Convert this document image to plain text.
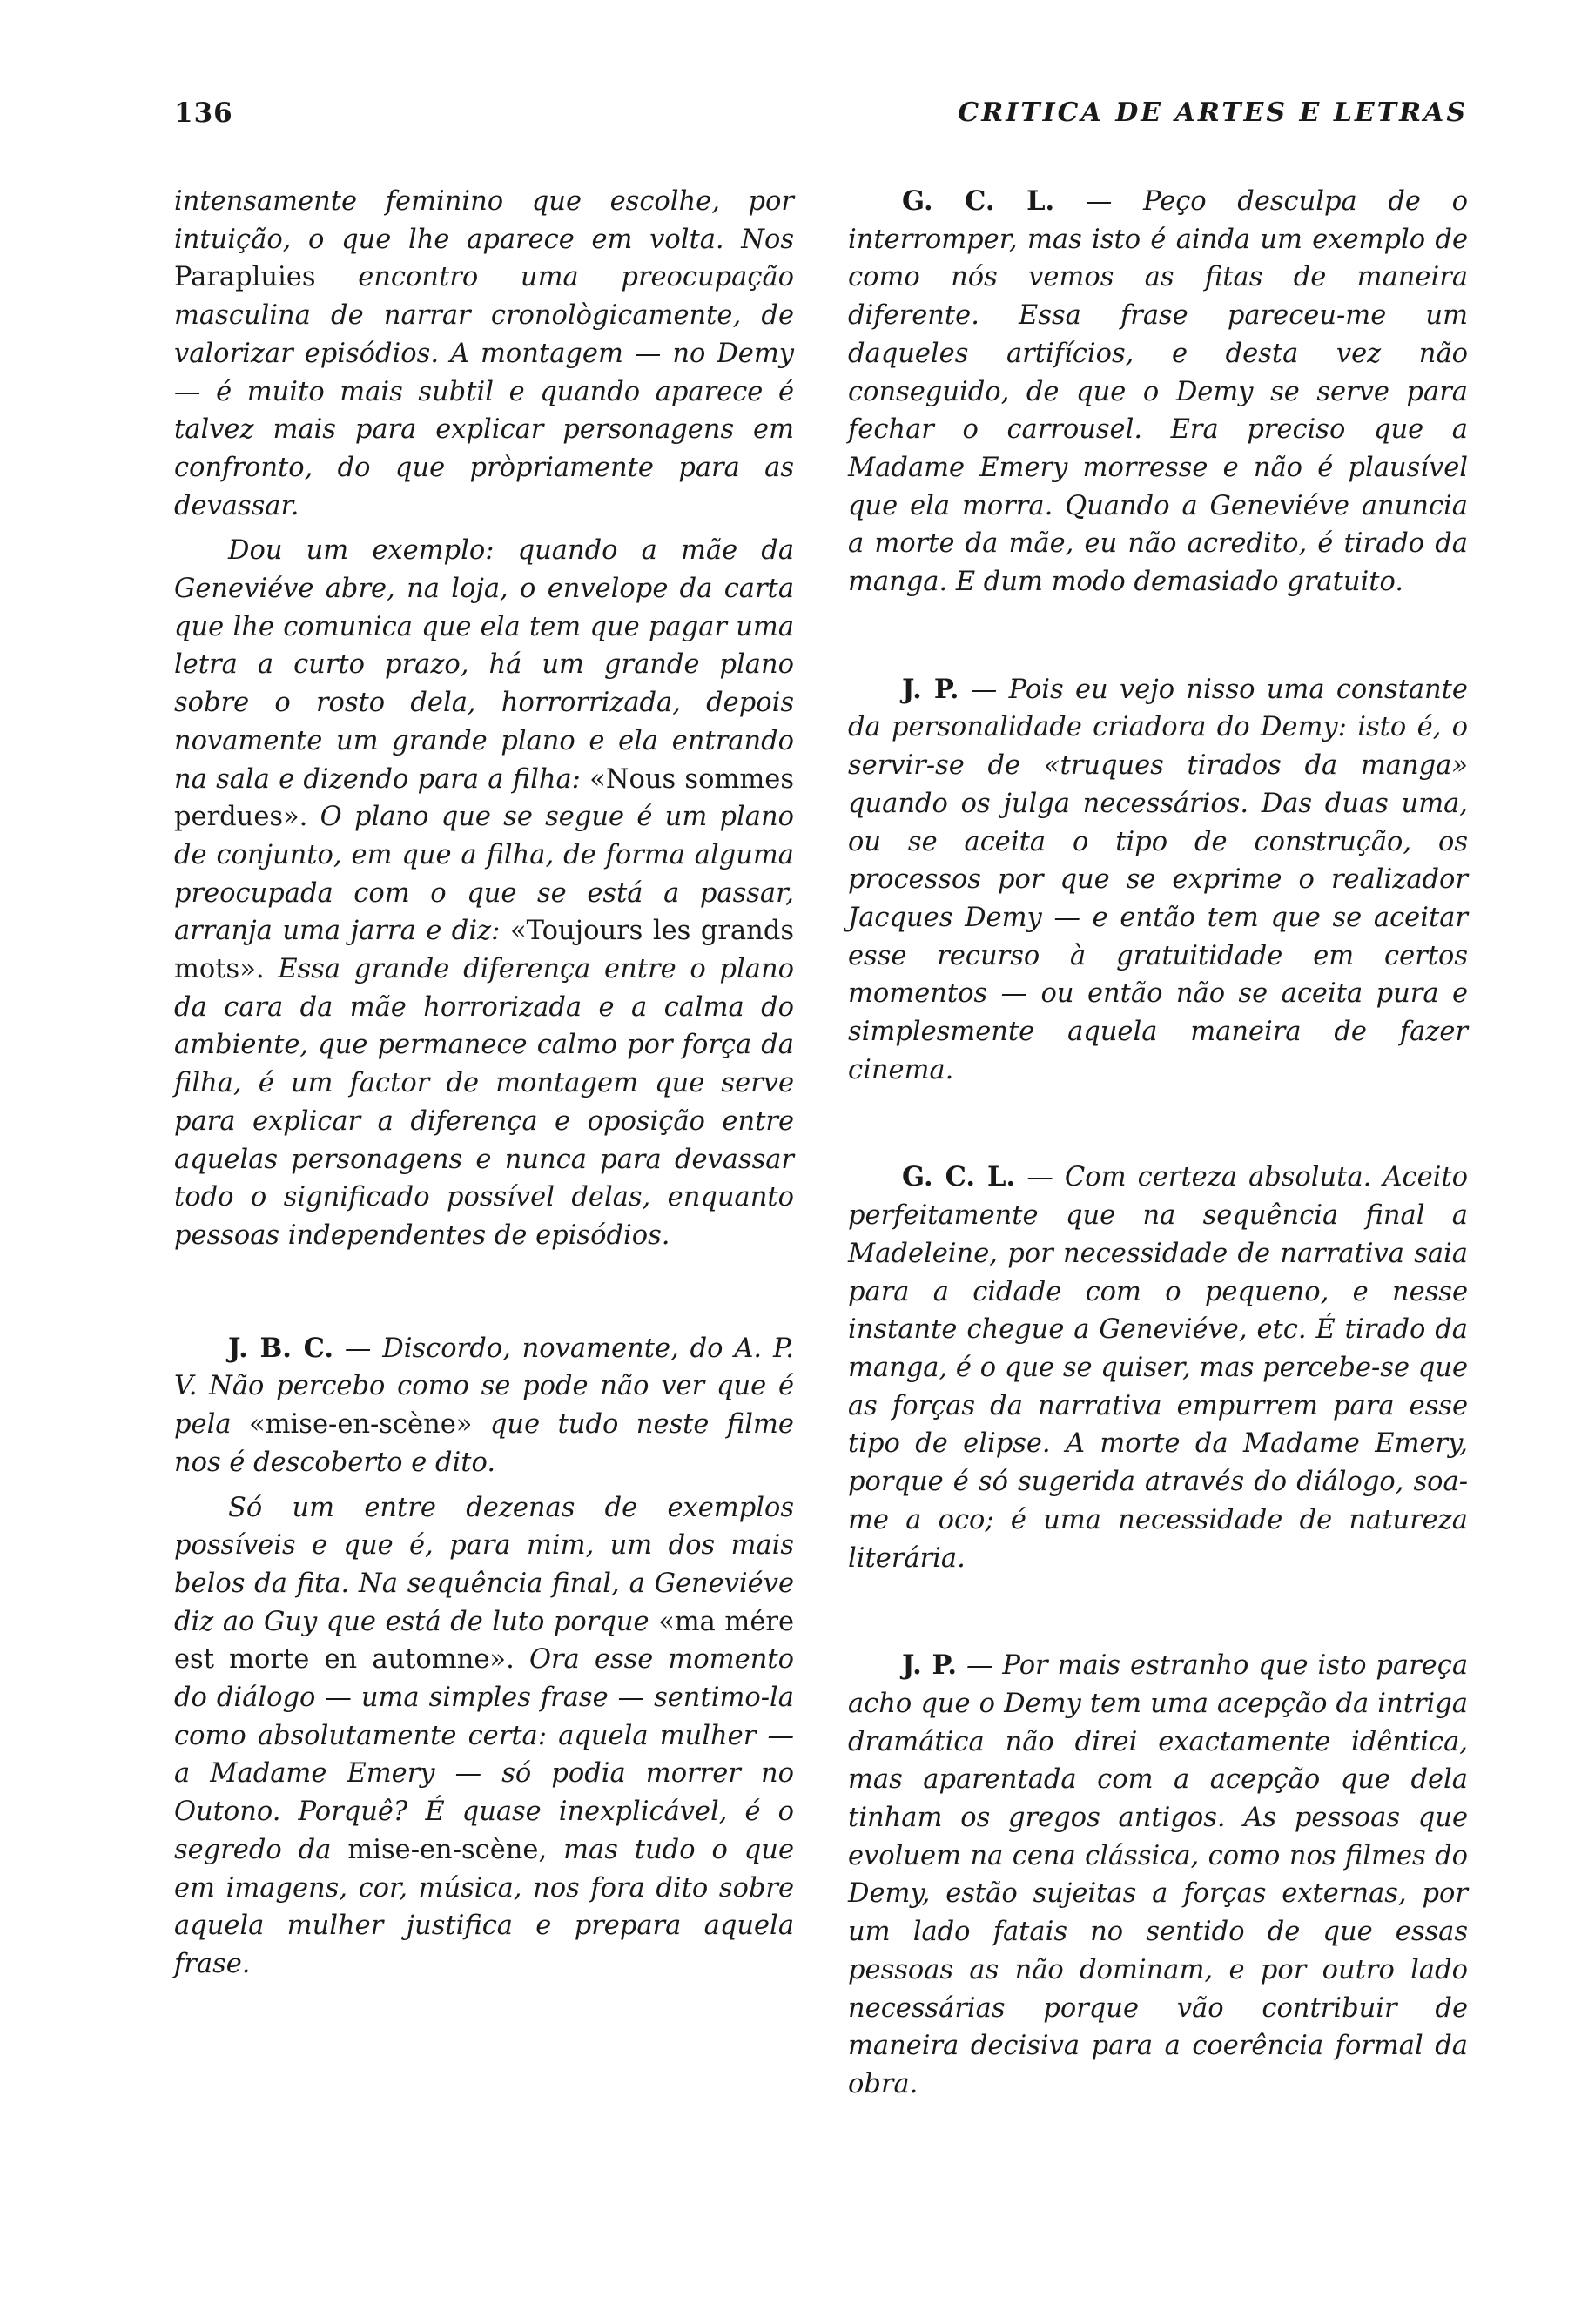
136	CRITICA DE ARTES E LETRAS

intensamente feminino que escolhe, por intuição, o que lhe aparece em volta. Nos Parapluies encontro uma preocupação masculina de narrar cronològicamente, de valorizar episódios. A montagem — no Demy — é muito mais subtil e quando aparece é talvez mais para explicar personagens em confronto, do que pròpriamente para as devassar.

Dou um exemplo: quando a mãe da Geneviéve abre, na loja, o envelope da carta que lhe comunica que ela tem que pagar uma letra a curto prazo, há um grande plano sobre o rosto dela, horrorrizada, depois novamente um grande plano e ela entrando na sala e dizendo para a filha: «Nous sommes perdues». O plano que se segue é um plano de conjunto, em que a filha, de forma alguma preocupada com o que se está a passar, arranja uma jarra e diz: «Toujours les grands mots». Essa grande diferença entre o plano da cara da mãe horrorizada e a calma do ambiente, que permanece calmo por força da filha, é um factor de montagem que serve para explicar a diferença e oposição entre aquelas personagens e nunca para devassar todo o significado possível delas, enquanto pessoas independentes de episódios.

J. B. C. — Discordo, novamente, do A. P. V. Não percebo como se pode não ver que é pela «mise-en-scène» que tudo neste filme nos é descoberto e dito.

Só um entre dezenas de exemplos possíveis e que é, para mim, um dos mais belos da fita. Na sequência final, a Geneviéve diz ao Guy que está de luto porque «ma mére est morte en automne». Ora esse momento do diálogo — uma simples frase — sentimo-la como absolutamente certa: aquela mulher — a Madame Emery — só podia morrer no Outono. Porquê? É quase inexplicável, é o segredo da mise-en-scène, mas tudo o que em imagens, cor, música, nos fora dito sobre aquela mulher justifica e prepara aquela frase.

G. C. L. — Peço desculpa de o interromper, mas isto é ainda um exemplo de como nós vemos as fitas de maneira diferente. Essa frase pareceu-me um daqueles artifícios, e desta vez não conseguido, de que o Demy se serve para fechar o carrousel. Era preciso que a Madame Emery morresse e não é plausível que ela morra. Quando a Geneviéve anuncia a morte da mãe, eu não acredito, é tirado da manga. E dum modo demasiado gratuito.

J. P. — Pois eu vejo nisso uma constante da personalidade criadora do Demy: isto é, o servir-se de «truques tirados da manga» quando os julga necessários. Das duas uma, ou se aceita o tipo de construção, os processos por que se exprime o realizador Jacques Demy — e então tem que se aceitar esse recurso à gratuitidade em certos momentos — ou então não se aceita pura e simplesmente aquela maneira de fazer cinema.

G. C. L. — Com certeza absoluta. Aceito perfeitamente que na sequência final a Madeleine, por necessidade de narrativa saia para a cidade com o pequeno, e nesse instante chegue a Geneviéve, etc. É tirado da manga, é o que se quiser, mas percebe-se que as forças da narrativa empurrem para esse tipo de elipse. A morte da Madame Emery, porque é só sugerida através do diálogo, soa-me a oco; é uma necessidade de natureza literária.

J. P. — Por mais estranho que isto pareça acho que o Demy tem uma acepção da intriga dramática não direi exactamente idêntica, mas aparentada com a acepção que dela tinham os gregos antigos. As pessoas que evoluem na cena clássica, como nos filmes do Demy, estão sujeitas a forças externas, por um lado fatais no sentido de que essas pessoas as não dominam, e por outro lado necessárias porque vão contribuir de maneira decisiva para a coerência formal da obra.
